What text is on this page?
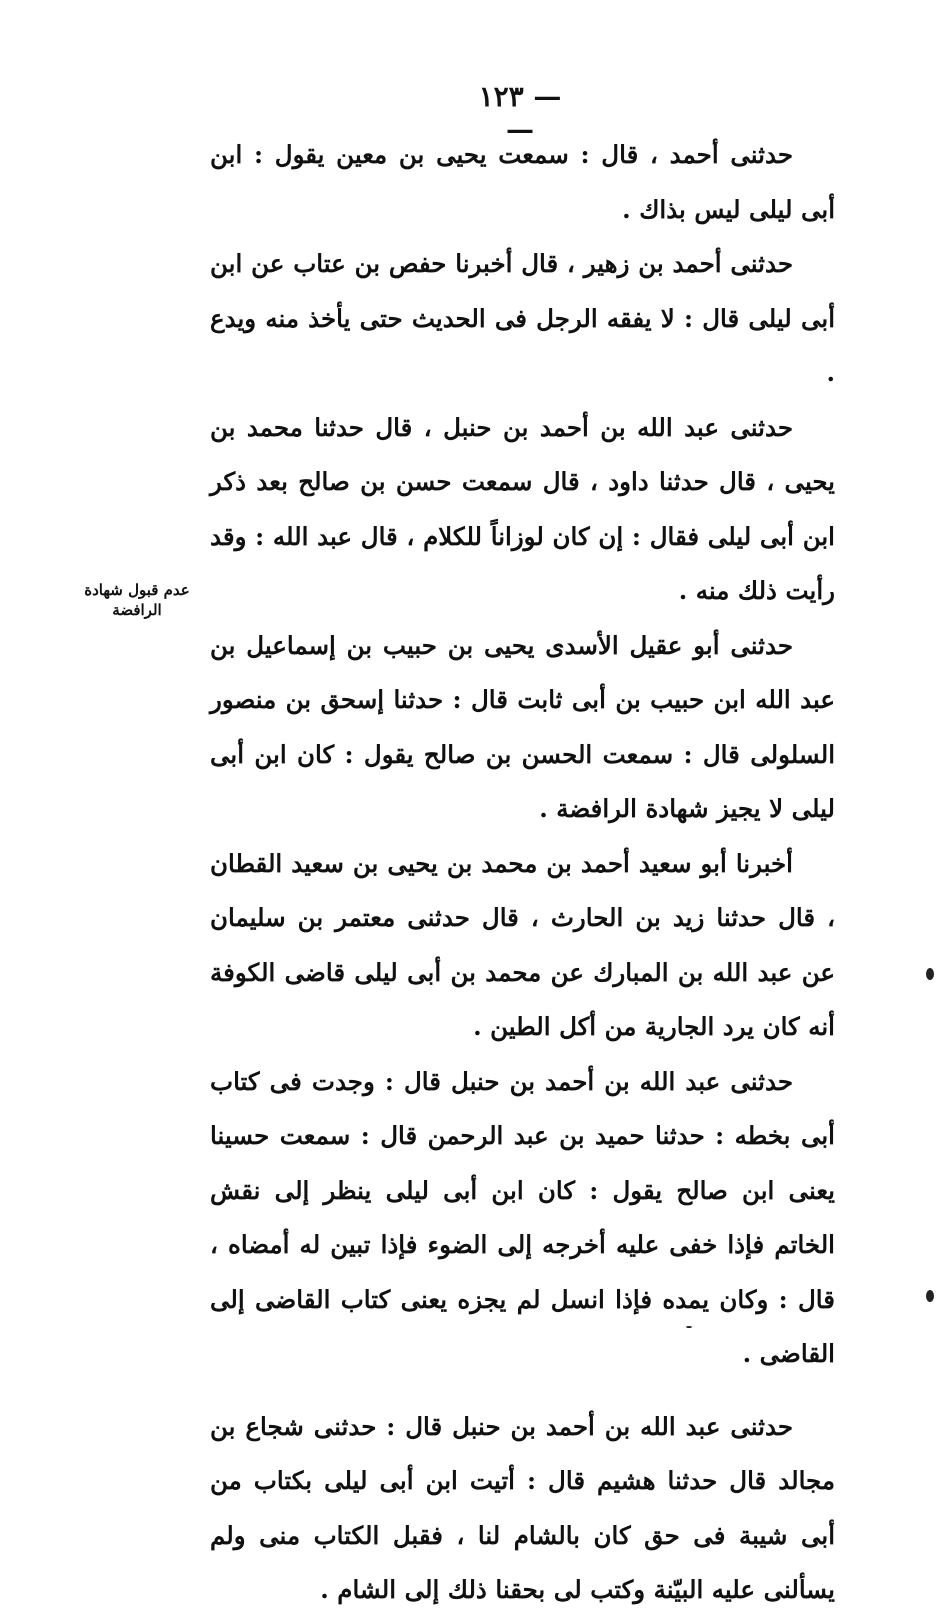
— ١٢٣ —
عدم قبول شهادة الرافضة

حدثنى أحمد ، قال : سمعت يحيى بن معين يقول : ابن أبى ليلى ليس بذاك .

حدثنى أحمد بن زهير ، قال أخبرنا حفص بن عتاب عن ابن أبى ليلى قال : لا يفقه الرجل فى الحديث حتى يأخذ منه ويدع .

حدثنى عبد الله بن أحمد بن حنبل ، قال حدثنا محمد بن يحيى ، قال حدثنا داود ، قال سمعت حسن بن صالح بعد ذكر ابن أبى ليلى فقال : إن كان لوزاناً للكلام ، قال عبد الله : وقد رأيت ذلك منه .

حدثنى أبو عقيل الأسدى يحيى بن حبيب بن إسماعيل بن عبد الله ابن حبيب بن أبى ثابت قال : حدثنا إسحق بن منصور السلولى قال : سمعت الحسن بن صالح يقول : كان ابن أبى ليلى لا يجيز شهادة الرافضة .

أخبرنا أبو سعيد أحمد بن محمد بن يحيى بن سعيد القطان ، قال حدثنا زيد بن الحارث ، قال حدثنى معتمر بن سليمان عن عبد الله بن المبارك عن محمد بن أبى ليلى قاضى الكوفة أنه كان يرد الجارية من أكل الطين .

حدثنى عبد الله بن أحمد بن حنبل قال : وجدت فى كتاب أبى بخطه : حدثنا حميد بن عبد الرحمن قال : سمعت حسينا يعنى ابن صالح يقول : كان ابن أبى ليلى ينظر إلى نقش الخاتم فإذا خفى عليه أخرجه إلى الضوء فإذا تبين له أمضاه ، قال : وكان يمده فإذا انسل لم يجزه يعنى كتاب القاضى إلى القاضى .

حدثنى عبد الله بن أحمد بن حنبل قال : حدثنى شجاع بن مجالد قال حدثنا هشيم قال : أتيت ابن أبى ليلى بكتاب من أبى شيبة فى حق كان بالشام لنا ، فقبل الكتاب منى ولم يسألنى عليه البيّنة وكتب لى بحقنا ذلك إلى الشام .
